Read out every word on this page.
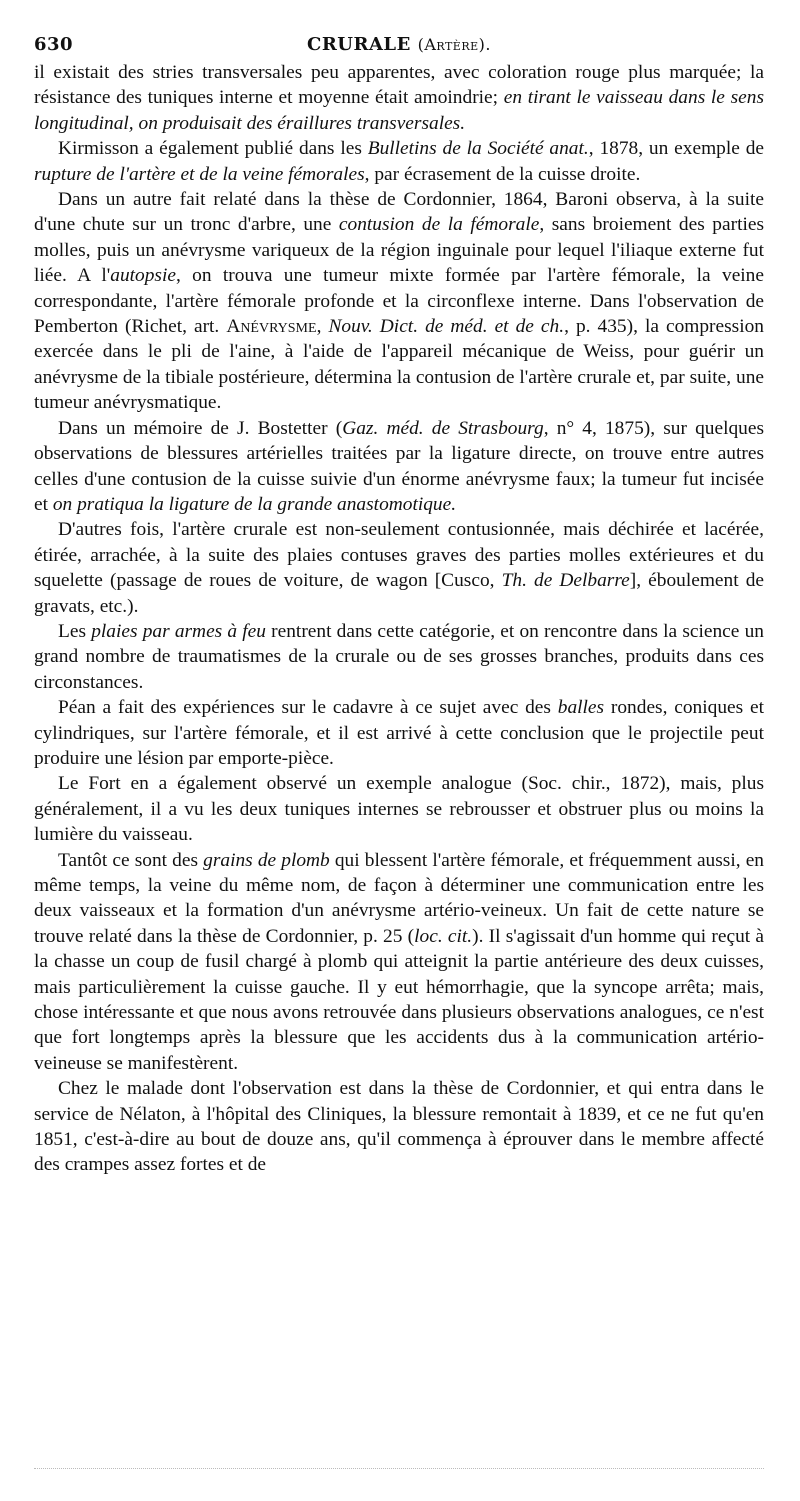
630	CRURALE (Artère).

il existait des stries transversales peu apparentes, avec coloration rouge plus marquée; la résistance des tuniques interne et moyenne était amoindrie; en tirant le vaisseau dans le sens longitudinal, on produisait des éraillures transversales.

Kirmisson a également publié dans les Bulletins de la Société anat., 1878, un exemple de rupture de l'artère et de la veine fémorales, par écrasement de la cuisse droite.

Dans un autre fait relaté dans la thèse de Cordonnier, 1864, Baroni observa, à la suite d'une chute sur un tronc d'arbre, une contusion de la fémorale, sans broiement des parties molles, puis un anévrysme variqueux de la région inguinale pour lequel l'iliaque externe fut liée. A l'autopsie, on trouva une tumeur mixte formée par l'artère fémorale, la veine correspondante, l'artère fémorale profonde et la circonflexe interne. Dans l'observation de Pemberton (Richet, art. Anévrysme, Nouv. Dict. de méd. et de ch., p. 435), la compression exercée dans le pli de l'aine, à l'aide de l'appareil mécanique de Weiss, pour guérir un anévrysme de la tibiale postérieure, détermina la contusion de l'artère crurale et, par suite, une tumeur anévrysmatique.

Dans un mémoire de J. Bostetter (Gaz. méd. de Strasbourg, n° 4, 1875), sur quelques observations de blessures artérielles traitées par la ligature directe, on trouve entre autres celles d'une contusion de la cuisse suivie d'un énorme anévrysme faux; la tumeur fut incisée et on pratiqua la ligature de la grande anastomotique.

D'autres fois, l'artère crurale est non-seulement contusionnée, mais déchirée et lacérée, étirée, arrachée, à la suite des plaies contuses graves des parties molles extérieures et du squelette (passage de roues de voiture, de wagon [Cusco, Th. de Delbarre], éboulement de gravats, etc.).

Les plaies par armes à feu rentrent dans cette catégorie, et on rencontre dans la science un grand nombre de traumatismes de la crurale ou de ses grosses branches, produits dans ces circonstances.

Péan a fait des expériences sur le cadavre à ce sujet avec des balles rondes, coniques et cylindriques, sur l'artère fémorale, et il est arrivé à cette conclusion que le projectile peut produire une lésion par emporte-pièce.

Le Fort en a également observé un exemple analogue (Soc. chir., 1872), mais, plus généralement, il a vu les deux tuniques internes se rebrousser et obstruer plus ou moins la lumière du vaisseau.

Tantôt ce sont des grains de plomb qui blessent l'artère fémorale, et fréquemment aussi, en même temps, la veine du même nom, de façon à déterminer une communication entre les deux vaisseaux et la formation d'un anévrysme artério-veineux. Un fait de cette nature se trouve relaté dans la thèse de Cordonnier, p. 25 (loc. cit.). Il s'agissait d'un homme qui reçut à la chasse un coup de fusil chargé à plomb qui atteignit la partie antérieure des deux cuisses, mais particulièrement la cuisse gauche. Il y eut hémorrhagie, que la syncope arrêta; mais, chose intéressante et que nous avons retrouvée dans plusieurs observations analogues, ce n'est que fort longtemps après la blessure que les accidents dus à la communication artério-veineuse se manifestèrent.

Chez le malade dont l'observation est dans la thèse de Cordonnier, et qui entra dans le service de Nélaton, à l'hôpital des Cliniques, la blessure remontait à 1839, et ce ne fut qu'en 1851, c'est-à-dire au bout de douze ans, qu'il commença à éprouver dans le membre affecté des crampes assez fortes et de
